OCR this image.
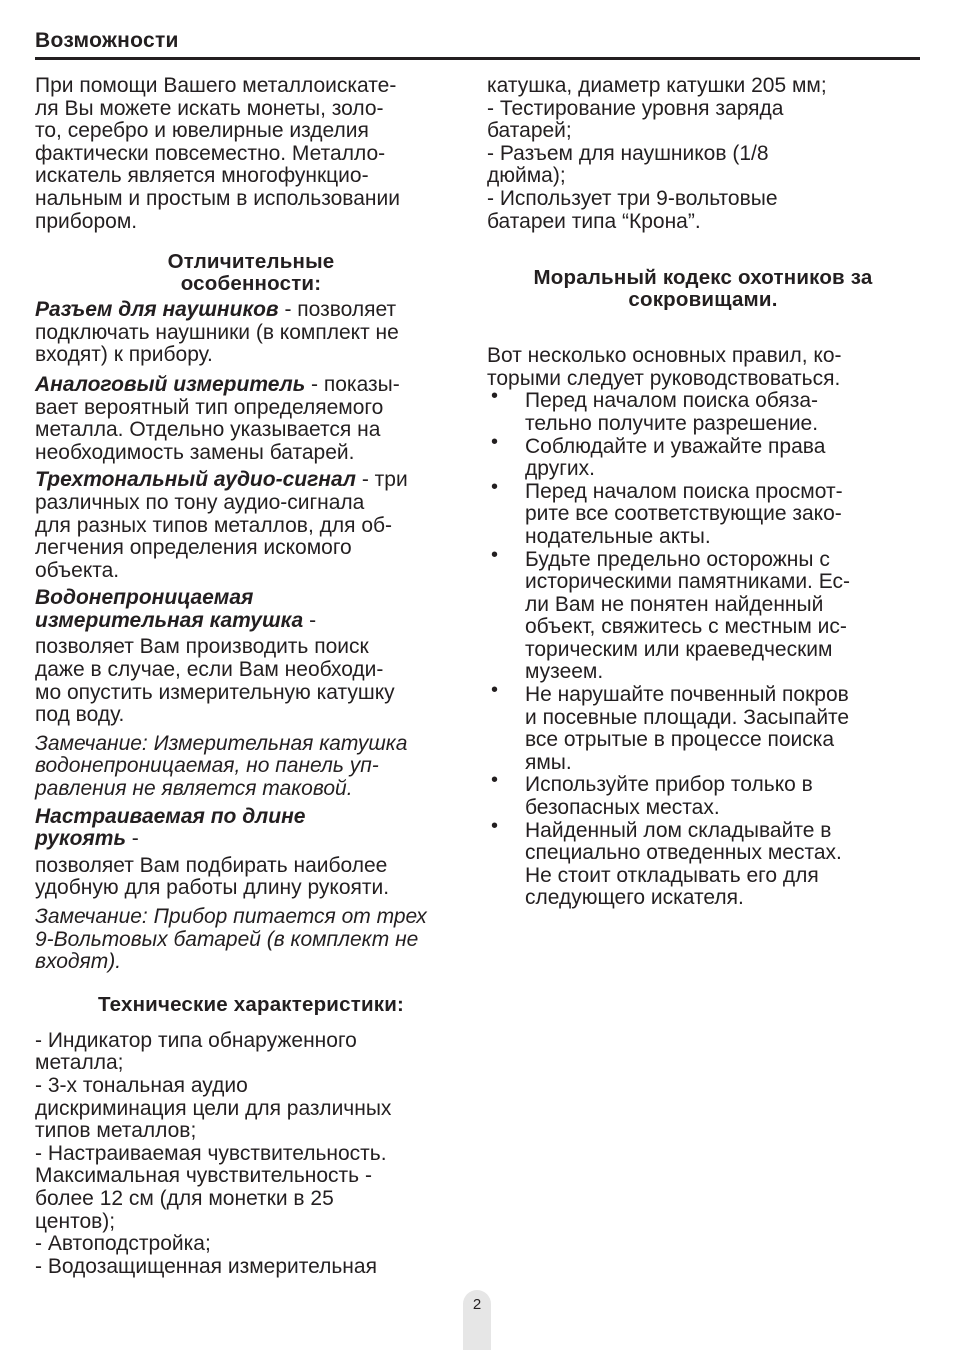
Возможности
При помощи Вашего металлоискате-
ля Вы можете искать монеты, золо-
то, серебро и ювелирные изделия
фактически повсеместно. Металло-
искатель является многофункцио-
нальным и простым в использовании
прибором.
Отличительные
особенности:
Разъем для наушников - позволяет
подключать наушники (в комплект не
входят) к прибору.
Аналоговый измеритель - показы-
вает вероятный тип определяемого
металла. Отдельно указывается на
необходимость замены батарей.
Трехтональный аудио-сигнал - три
различных по тону аудио-сигнала
для разных типов металлов, для об-
легчения определения искомого
объекта.
Водонепроницаемая
измерительная катушка -
позволяет Вам производить поиск
даже в случае, если Вам необходи-
мо опустить измерительную катушку
под воду.
Замечание: Измерительная катушка
водонепроницаемая, но панель уп-
равления не является таковой.
Настраиваемая по длине
рукоять -
позволяет Вам подбирать наиболее
удобную для работы длину рукояти.
Замечание: Прибор питается от трех
9-Вольтовых батарей (в комплект не
входят).
Технические характеристики:
- Индикатор типа обнаруженного
металла;
- 3-х тональная аудио
дискриминация цели для различных
типов металлов;
- Настраиваемая чувствительность.
Максимальная чувствительность -
более 12 см (для монетки в 25
центов);
- Автоподстройка;
- Водозащищенная измерительная
катушка, диаметр катушки 205 мм;
- Тестирование уровня заряда
батарей;
- Разъем для наушников (1/8
дюйма);
- Использует три 9-вольтовые
батареи типа “Крона”.
Моральный кодекс охотников за
сокровищами.
Вот несколько основных правил, ко-
торыми следует руководствоваться.
• Перед началом поиска обяза-
тельно получите разрешение.
• Соблюдайте и уважайте права
других.
• Перед началом поиска просмот-
рите все соответствующие зако-
нодательные акты.
• Будьте предельно осторожны с
историческими памятниками. Ес-
ли Вам не понятен найденный
объект, свяжитесь с местным ис-
торическим или краеведческим
музеем.
• Не нарушайте почвенный покров
и посевные площади. Засыпайте
все отрытые в процессе поиска
ямы.
• Используйте прибор только в
безопасных местах.
• Найденный лом складывайте в
специально отведенных местах.
Не стоит откладывать его для
следующего искателя.
2
